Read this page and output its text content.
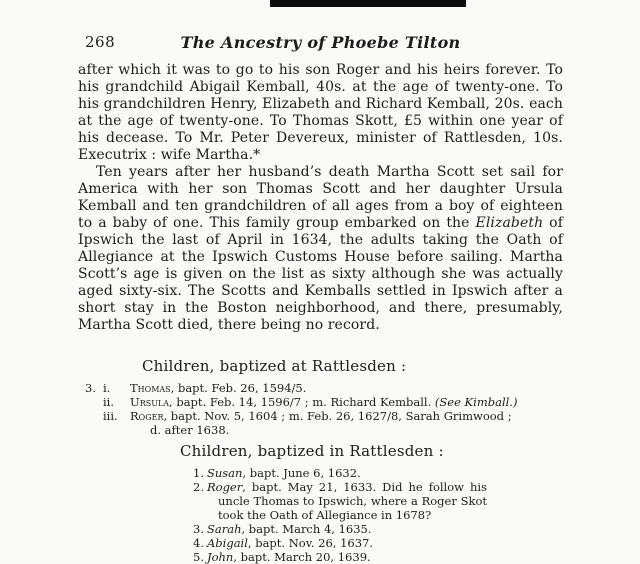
268	The Ancestry of Phoebe Tilton

after which it was to go to his son Roger and his heirs forever. To his grandchild Abigail Kemball, 40s. at the age of twenty-one. To his grandchildren Henry, Elizabeth and Richard Kemball, 20s. each at the age of twenty-one. To Thomas Skott, £5 within one year of his decease. To Mr. Peter Devereux, minister of Rattlesden, 10s. Executrix : wife Martha.*

Ten years after her husband’s death Martha Scott set sail for America with her son Thomas Scott and her daughter Ursula Kemball and ten grandchildren of all ages from a boy of eighteen to a baby of one. This family group embarked on the Elizabeth of Ipswich the last of April in 1634, the adults taking the Oath of Allegiance at the Ipswich Customs House before sailing. Martha Scott’s age is given on the list as sixty although she was actually aged sixty-six. The Scotts and Kemballs settled in Ipswich after a short stay in the Boston neighborhood, and there, presumably, Martha Scott died, there being no record.

Children, baptized at Rattlesden :

3. i.	Thomas, bapt. Feb. 26, 1594/5.
ii.	Ursula, bapt. Feb. 14, 1596/7 ; m. Richard Kemball. (See Kimball.)
iii.	Roger, bapt. Nov. 5, 1604 ; m. Feb. 26, 1627/8, Sarah Grimwood ;
d. after 1638.

Children, baptized in Rattlesden :

1. Susan, bapt. June 6, 1632.
2. Roger, bapt. May 21, 1633. Did he follow his uncle Thomas to Ipswich, where a Roger Skot took the Oath of Allegiance in 1678?
3. Sarah, bapt. March 4, 1635.
4. Abigail, bapt. Nov. 26, 1637.
5. John, bapt. March 20, 1639.
